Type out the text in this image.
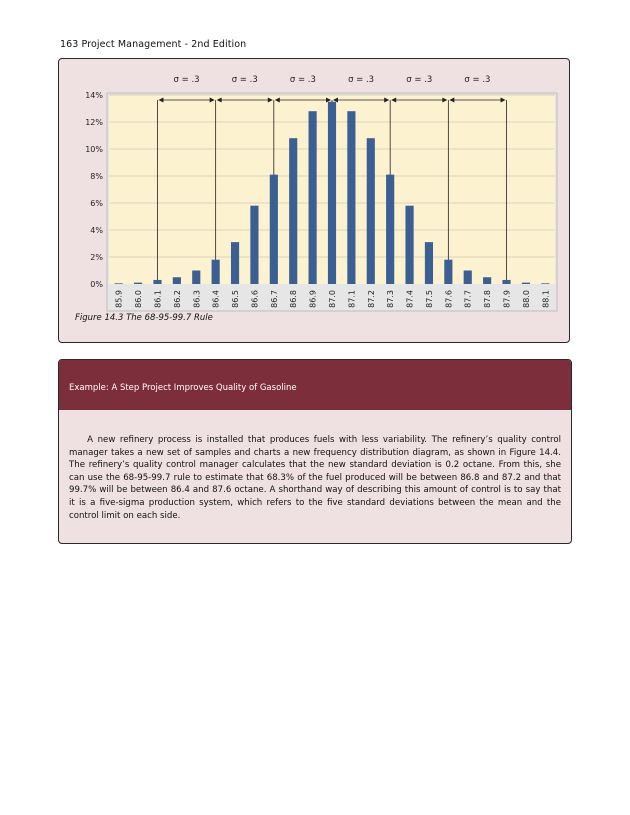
163 Project Management - 2nd Edition
σ = .3	σ = .3	σ = .3	σ = .3	σ = .3	σ = .3
0%
2%
4%
6%
8%
10%
12%
14%
85.9 86.0 86.1 86.2 86.3 86.4 86.5 86.6 86.7 86.8 86.9 87.0 87.1 87.2 87.3 87.4 87.5 87.6 87.7 87.8 87.9 88.0 88.1
Figure 14.3 The 68-95-99.7 Rule
Example: A Step Project Improves Quality of Gasoline
A new refinery process is installed that produces fuels with less variability. The refinery’s quality control manager takes a new set of samples and charts a new frequency distribution diagram, as shown in Figure 14.4. The refinery’s quality control manager calculates that the new standard deviation is 0.2 octane. From this, she can use the 68-95-99.7 rule to estimate that 68.3% of the fuel produced will be between 86.8 and 87.2 and that 99.7% will be between 86.4 and 87.6 octane. A shorthand way of describing this amount of control is to say that it is a five-sigma production system, which refers to the five standard deviations between the mean and the control limit on each side.
